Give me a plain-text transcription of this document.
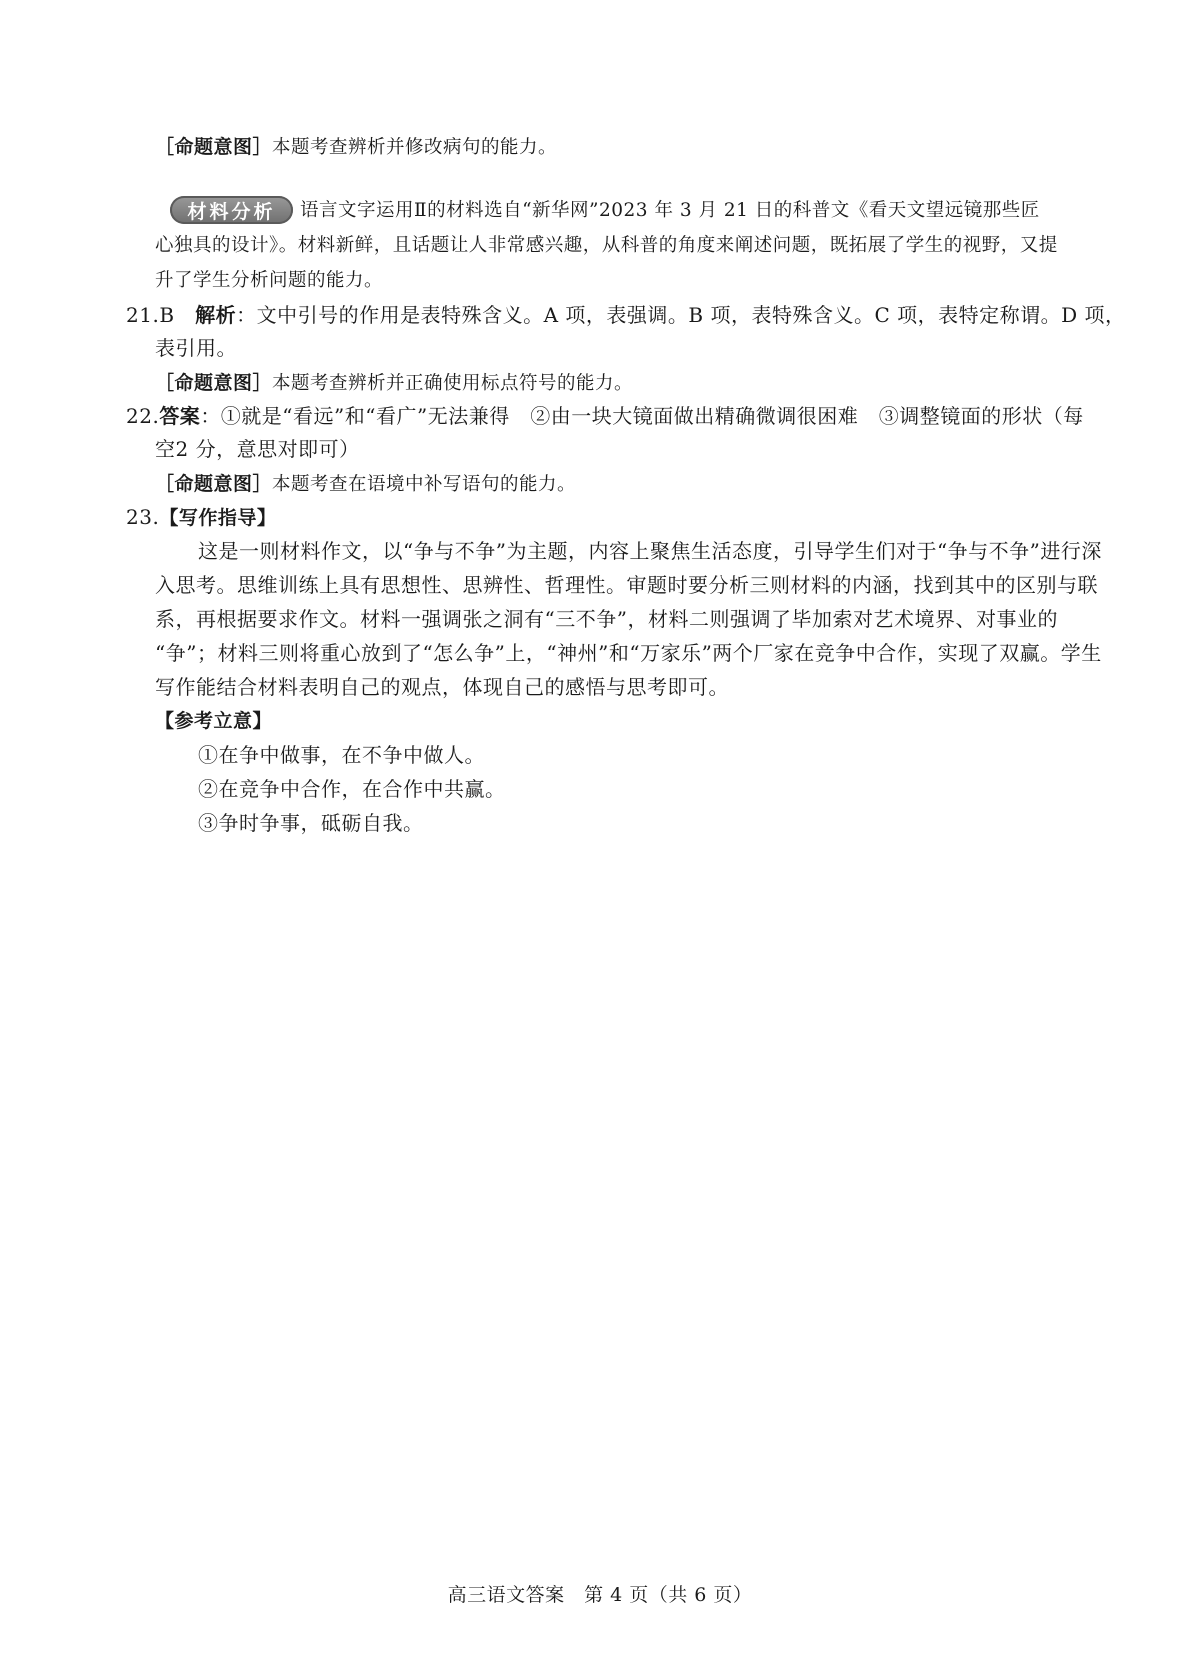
［命题意图］本题考查辨析并修改病句的能力。
材料分析 语言文字运用Ⅱ的材料选自“新华网”2023 年 3 月 21 日的科普文《看天文望远镜那些匠
心独具的设计》。材料新鲜，且话题让人非常感兴趣，从科普的角度来阐述问题，既拓展了学生的视野，又提
升了学生分析问题的能力。
21.B 解析：文中引号的作用是表特殊含义。A 项，表强调。B 项，表特殊含义。C 项，表特定称谓。D 项，
表引用。
［命题意图］本题考查辨析并正确使用标点符号的能力。
22.答案：①就是“看远”和“看广”无法兼得　②由一块大镜面做出精确微调很困难　③调整镜面的形状（每
空2 分，意思对即可）
［命题意图］本题考查在语境中补写语句的能力。
23.【写作指导】
这是一则材料作文，以“争与不争”为主题，内容上聚焦生活态度，引导学生们对于“争与不争”进行深
入思考。思维训练上具有思想性、思辨性、哲理性。审题时要分析三则材料的内涵，找到其中的区别与联
系，再根据要求作文。材料一强调张之洞有“三不争”，材料二则强调了毕加索对艺术境界、对事业的
“争”；材料三则将重心放到了“怎么争”上，“神州”和“万家乐”两个厂家在竞争中合作，实现了双赢。学生
写作能结合材料表明自己的观点，体现自己的感悟与思考即可。
【参考立意】
①在争中做事，在不争中做人。
②在竞争中合作，在合作中共赢。
③争时争事，砥砺自我。
高三语文答案　第 4 页（共 6 页）
